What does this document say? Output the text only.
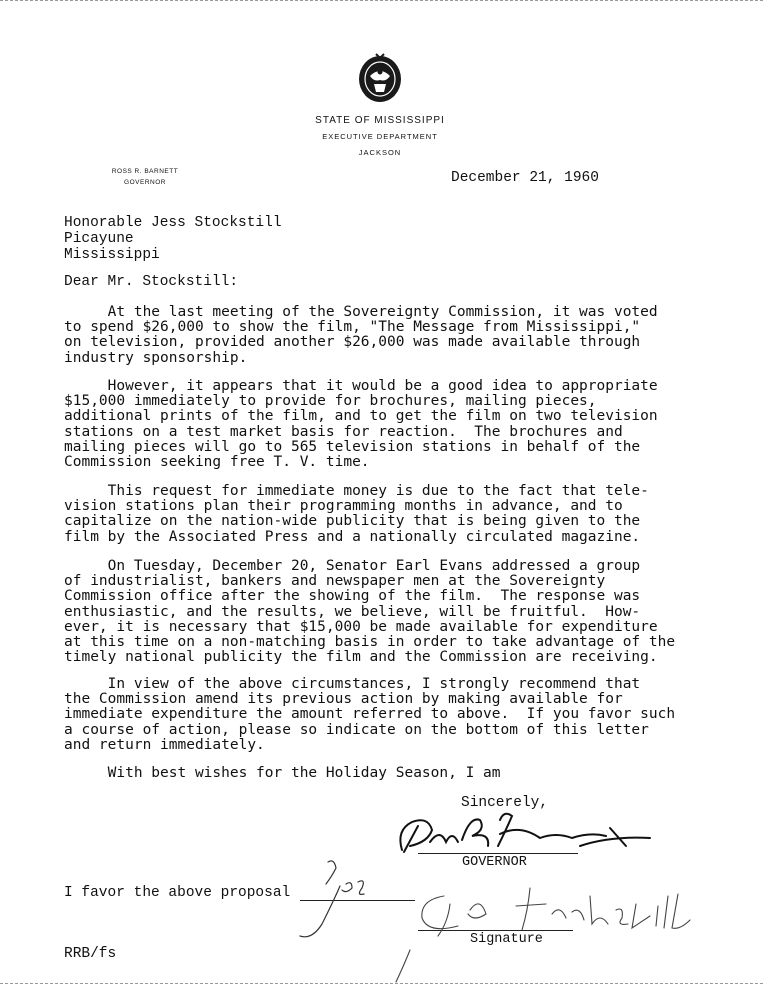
STATE OF MISSISSIPPI
EXECUTIVE DEPARTMENT
JACKSON
ROSS R. BARNETT
GOVERNOR	December 21, 1960
Honorable Jess Stockstill
Picayune
Mississippi
Dear Mr. Stockstill:
At the last meeting of the Sovereignty Commission, it was voted
to spend $26,000 to show the film, "The Message from Mississippi,"
on television, provided another $26,000 was made available through
industry sponsorship.
However, it appears that it would be a good idea to appropriate
$15,000 immediately to provide for brochures, mailing pieces,
additional prints of the film, and to get the film on two television
stations on a test market basis for reaction.  The brochures and
mailing pieces will go to 565 television stations in behalf of the
Commission seeking free T. V. time.
This request for immediate money is due to the fact that tele-
vision stations plan their programming months in advance, and to
capitalize on the nation-wide publicity that is being given to the
film by the Associated Press and a nationally circulated magazine.
On Tuesday, December 20, Senator Earl Evans addressed a group
of industrialist, bankers and newspaper men at the Sovereignty
Commission office after the showing of the film.  The response was
enthusiastic, and the results, we believe, will be fruitful.  How-
ever, it is necessary that $15,000 be made available for expenditure
at this time on a non-matching basis in order to take advantage of the
timely national publicity the film and the Commission are receiving.
In view of the above circumstances, I strongly recommend that
the Commission amend its previous action by making available for
immediate expenditure the amount referred to above.  If you favor such
a course of action, please so indicate on the bottom of this letter
and return immediately.
With best wishes for the Holiday Season, I am
Sincerely,
GOVERNOR
I favor the above proposal
Signature
RRB/fs
